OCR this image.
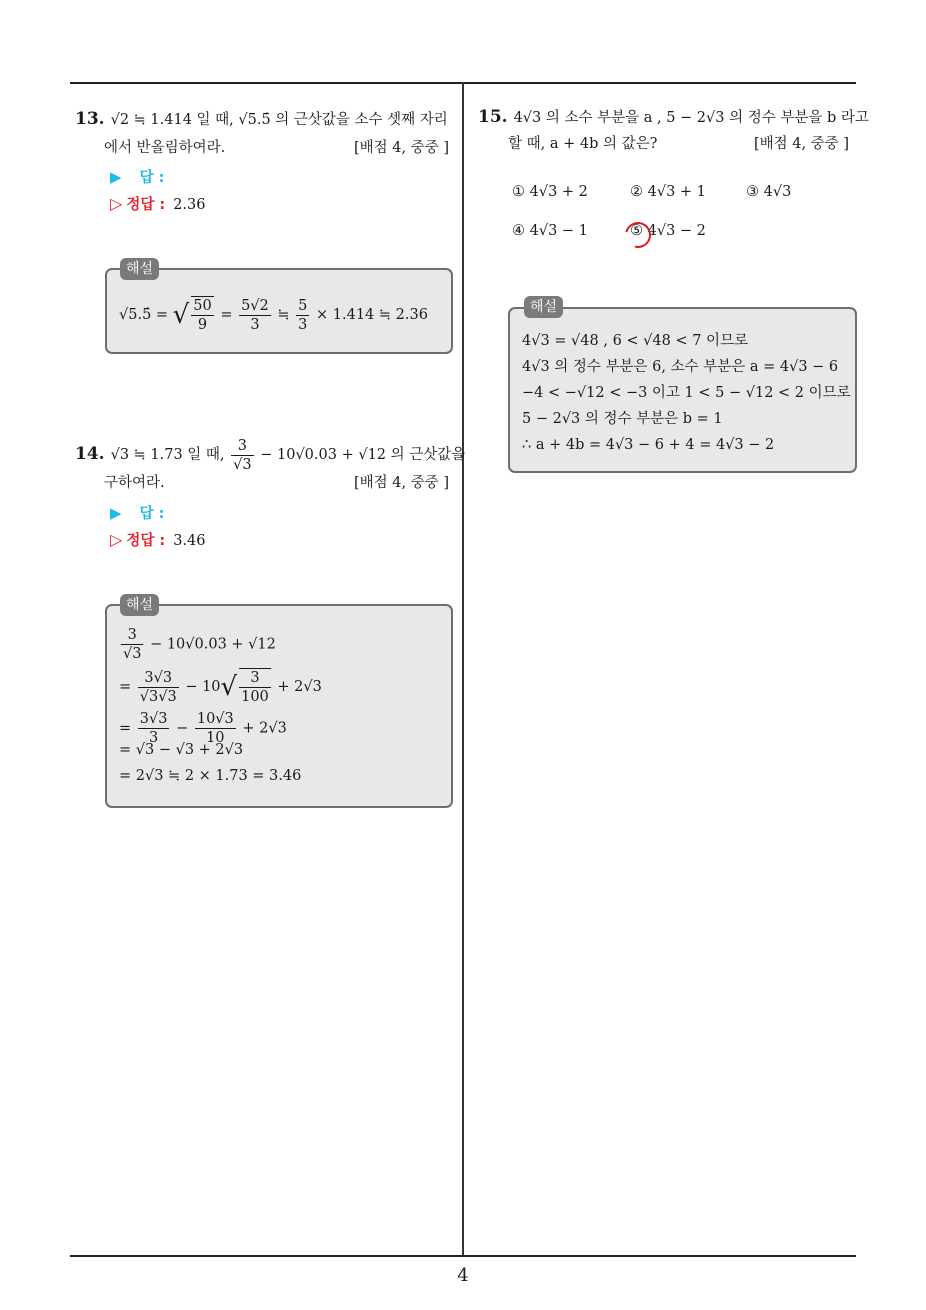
13. √2 ≒ 1.414 일 때, √5.5̇ 의 근삿값을 소수 셋째 자리
에서 반올림하여라.	[배점 4, 중중 ]
▶ 답 :
▷ 정답 : 2.36
√5.5̇ = √ $\frac{50}{9} = \frac{5√2}{3}$ ≒ $\frac{5}{3} \times 1.414$ ≒ 2.36
해설
14. √3 ≒ 1.73 일 때, $\frac{3}{√3} - 10√0.03 + √12$ 의 근삿값을
구하여라.	[배점 4, 중중 ]
▶ 답 :
▷ 정답 : 3.46
$\frac{3}{√3} - 10√0.03 + √12$
= $\frac{3√3}{√3√3} - 10√ \frac{3}{100} + 2√3$
= $\frac{3√3}{3} - \frac{10√3}{10} + 2√3$
= √3 − √3 + 2√3
= 2√3 ≒ 2 × 1.73 = 3.46
해설
15. 4√3 의 소수 부분을 a , 5 − 2√3 의 정수 부분을 b 라고
할 때, a + 4b 의 값은?	[배점 4, 중중 ]
① 4√3 + 2	② 4√3 + 1	③ 4√3
④ 4√3 − 1	⑤ 4√3 − 2
4√3 = √48 , 6 < √48 < 7 이므로
4√3 의 정수 부분은 6, 소수 부분은 a = 4√3 − 6
−4 < −√12 < −3 이고 1 < 5 − √12 < 2 이므로
5 − 2√3 의 정수 부분은 b = 1
∴ a + 4b = 4√3 − 6 + 4 = 4√3 − 2
해설
4
